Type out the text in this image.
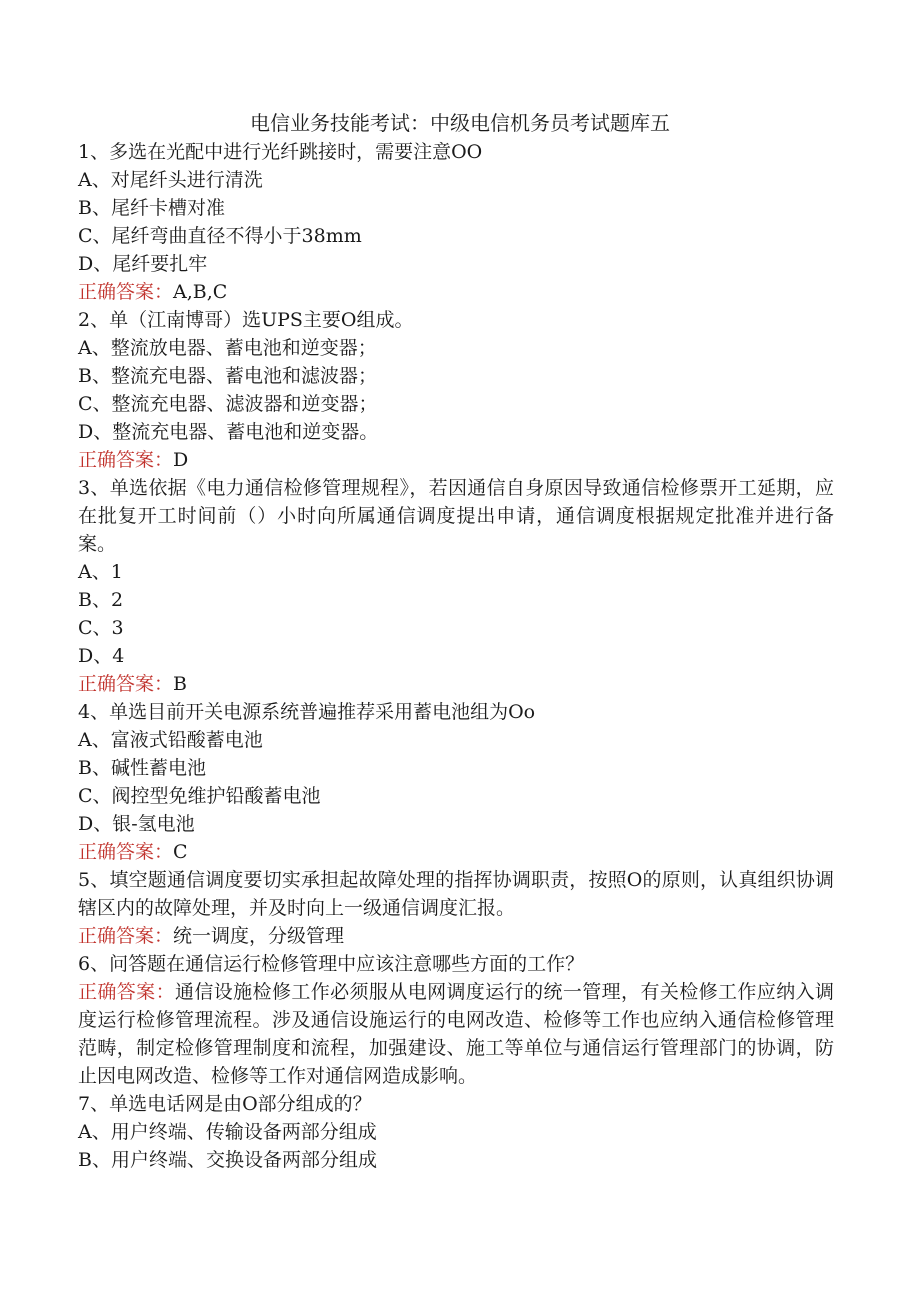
电信业务技能考试：中级电信机务员考试题库五
1、多选在光配中进行光纤跳接时，需要注意OO
A、对尾纤头进行清洗
B、尾纤卡槽对准
C、尾纤弯曲直径不得小于38mm
D、尾纤要扎牢
正确答案：A,B,C
2、单（江南博哥）选UPS主要O组成。
A、整流放电器、蓄电池和逆变器；
B、整流充电器、蓄电池和滤波器；
C、整流充电器、滤波器和逆变器；
D、整流充电器、蓄电池和逆变器。
正确答案：D
3、单选依据《电力通信检修管理规程》，若因通信自身原因导致通信检修票开工延期，应在批复开工时间前（）小时向所属通信调度提出申请，通信调度根据规定批准并进行备案。
A、1
B、2
C、3
D、4
正确答案：B
4、单选目前开关电源系统普遍推荐采用蓄电池组为Oo
A、富液式铅酸蓄电池
B、碱性蓄电池
C、阀控型免维护铅酸蓄电池
D、银-氢电池
正确答案：C
5、填空题通信调度要切实承担起故障处理的指挥协调职责，按照O的原则，认真组织协调辖区内的故障处理，并及时向上一级通信调度汇报。
正确答案：统一调度，分级管理
6、问答题在通信运行检修管理中应该注意哪些方面的工作？
正确答案：通信设施检修工作必须服从电网调度运行的统一管理，有关检修工作应纳入调度运行检修管理流程。涉及通信设施运行的电网改造、检修等工作也应纳入通信检修管理范畴，制定检修管理制度和流程，加强建设、施工等单位与通信运行管理部门的协调，防止因电网改造、检修等工作对通信网造成影响。
7、单选电话网是由O部分组成的？
A、用户终端、传输设备两部分组成
B、用户终端、交换设备两部分组成
